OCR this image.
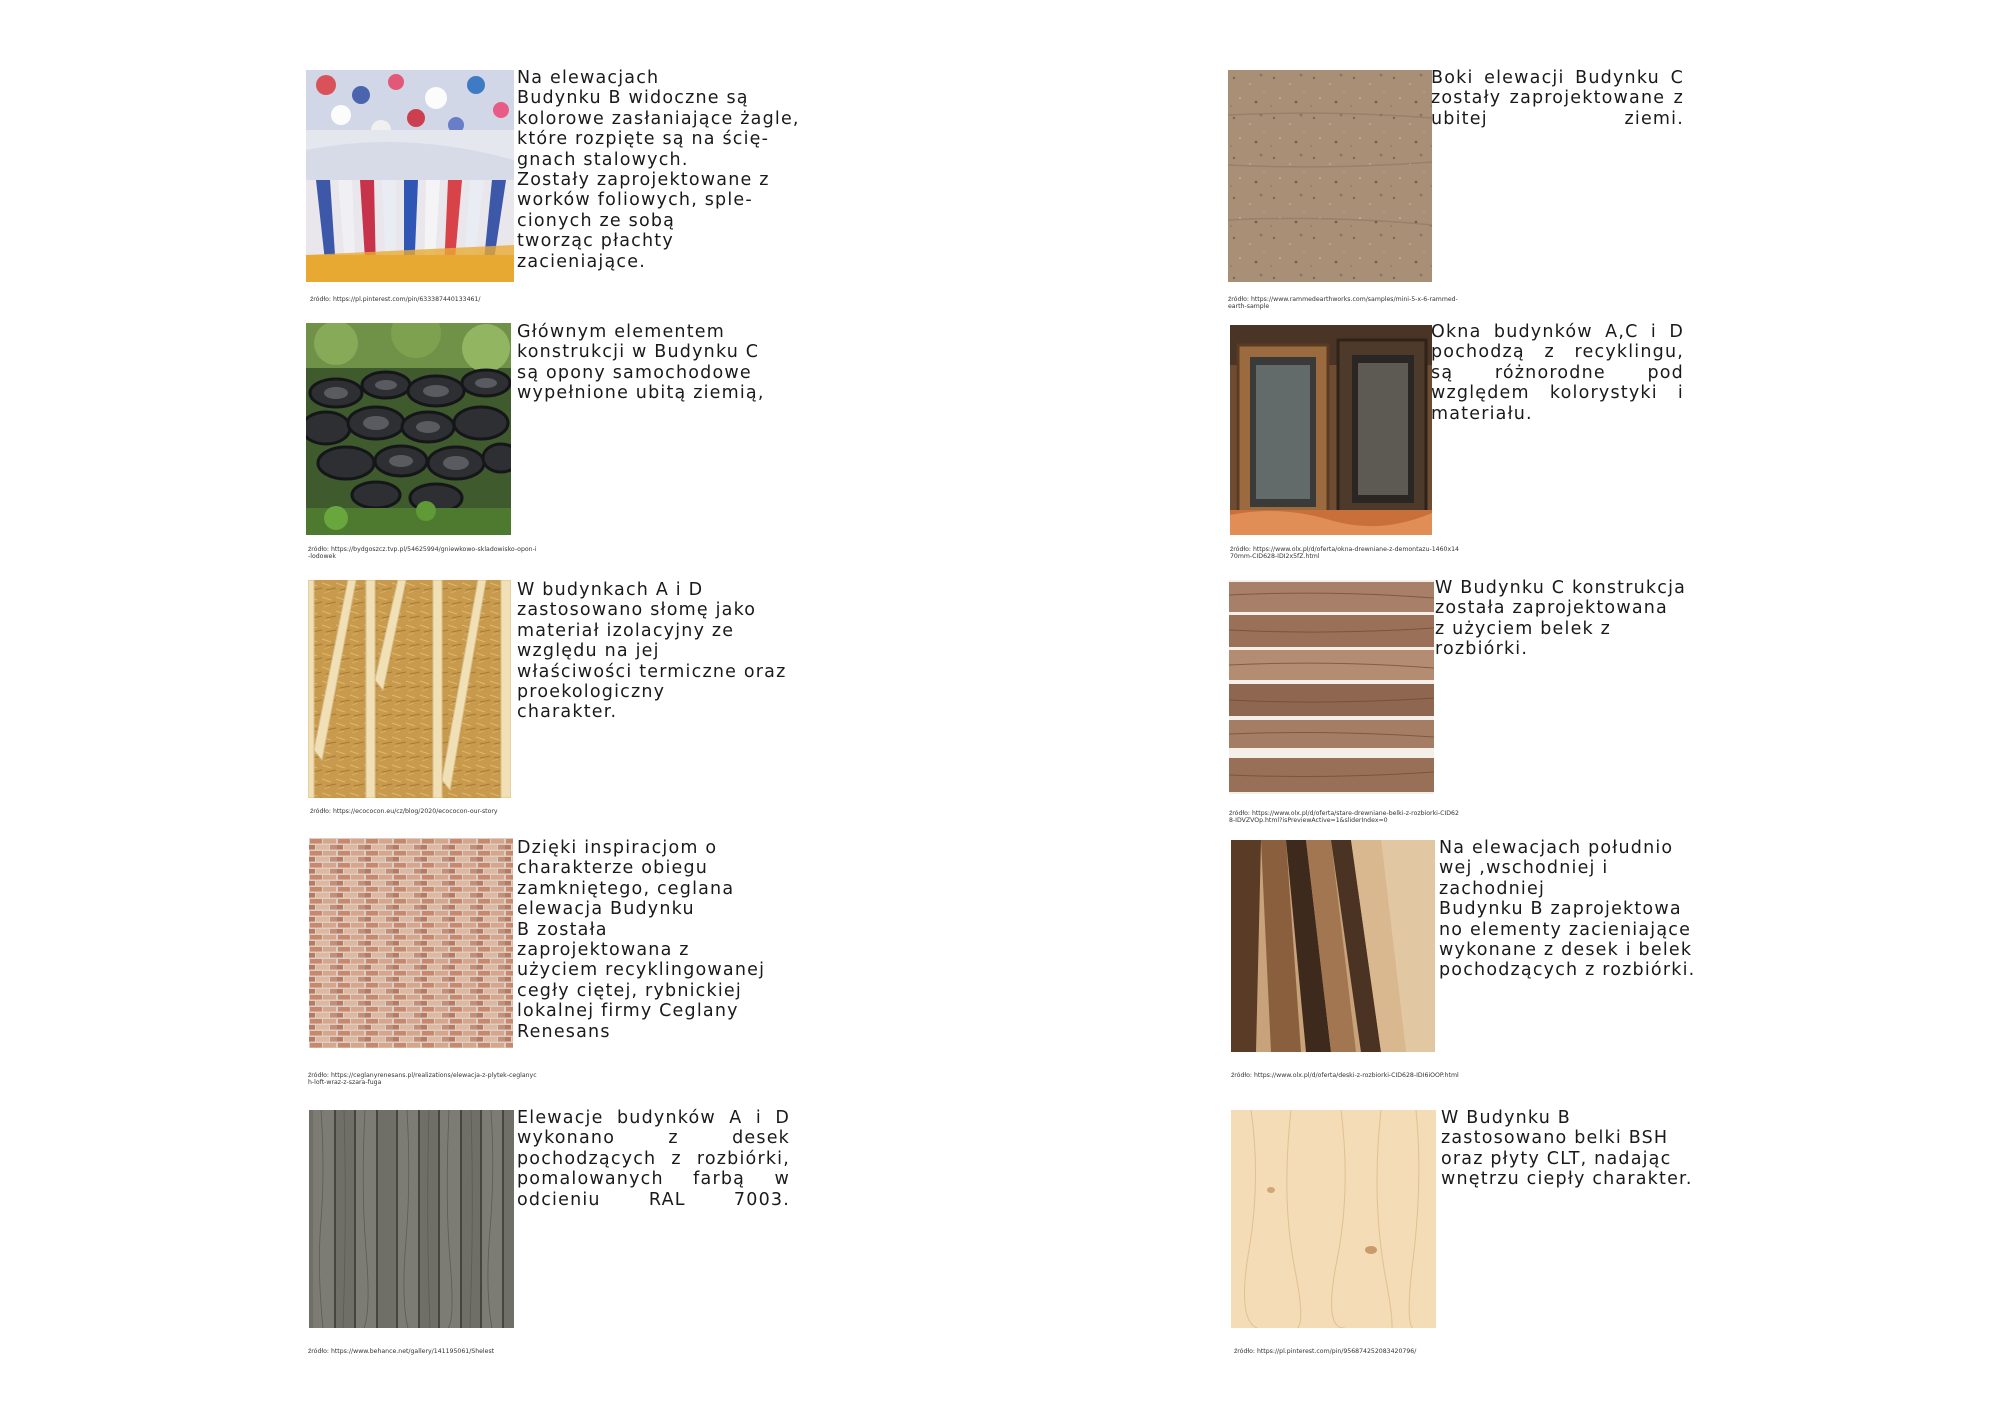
Na elewacjach
Budynku B widoczne są
kolorowe zasłaniające żagle,
które rozpięte są na ścię-
gnach stalowych.
Zostały zaprojektowane z
worków foliowych, sple-
cionych ze sobą
tworząc płachty
zacieniające.

źródło: https://pl.pinterest.com/pin/633387440133461/

Głównym elementem
konstrukcji w Budynku C
są opony samochodowe
wypełnione ubitą ziemią,

źródło: https://bydgoszcz.tvp.pl/54625994/gniewkowo-skladowisko-opon-i-lodowek

W budynkach A i D
zastosowano słomę jako
materiał izolacyjny ze
względu na jej
właściwości termiczne oraz
proekologiczny
charakter.

źródło: https://ecococon.eu/cz/blog/2020/ecococon-our-story

Dzięki inspiracjom o
charakterze obiegu
zamkniętego, ceglana
elewacja Budynku
B została
zaprojektowana z
użyciem recyklingowanej
cegły ciętej, rybnickiej
lokalnej firmy Ceglany Renesans

źródło: https://ceglanyrenesans.pl/realizations/elewacja-z-plytek-ceglanych-loft-wraz-z-szara-fuga

Elewacje budynków A i D wykonano z desek pochodzących z rozbiórki, pomalowanych farbą w odcieniu RAL 7003.

źródło: https://www.behance.net/gallery/141195061/Shelest

Boki elewacji Budynku C zostały zaprojektowane z ubitej ziemi.

źródło: https://www.rammedearthworks.com/samples/mini-5-x-6-rammed-earth-sample

Okna budynków A,C i D pochodzą z recyklingu, są różnorodne pod względem kolorystyki i materiału.

źródło: https://www.olx.pl/d/oferta/okna-drewniane-z-demontazu-1460x1470mm-CID628-IDI2x5fZ.html

W Budynku C konstrukcja
została zaprojektowana
z użyciem belek z rozbiórki.

źródło: https://www.olx.pl/d/oferta/stare-drewniane-belki-z-rozbiorki-CID628-IDVZVOp.html?isPreviewActive=1&sliderIndex=0

Na elewacjach południo
wej ,wschodniej i zachodniej
Budynku B zaprojektowa
no elementy zacieniające
wykonane z desek i belek
pochodzących z rozbiórki.

źródło: https://www.olx.pl/d/oferta/deski-z-rozbiorki-CID628-IDI6iOOP.html

W Budynku B
zastosowano belki BSH
oraz płyty CLT, nadając
wnętrzu ciepły charakter.

źródło: https://pl.pinterest.com/pin/956874252083420796/
